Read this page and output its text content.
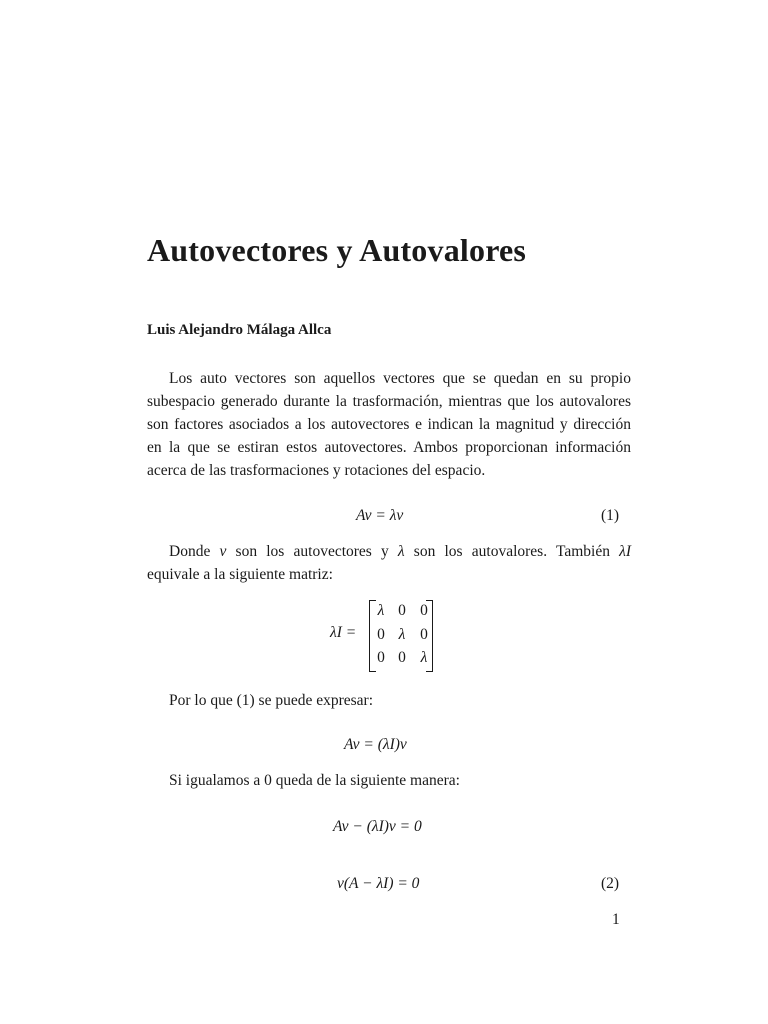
Autovectores y Autovalores
Luis Alejandro Málaga Allca
Los auto vectores son aquellos vectores que se quedan en su propio
subespacio generado durante la trasformación, mientras que los autovalores
son factores asociados a los autovectores e indican la magnitud y dirección
en la que se estiran estos autovectores. Ambos proporcionan información
acerca de las trasformaciones y rotaciones del espacio.
Av = λv	(1)
Donde v son los autovectores y λ son los autovalores. También λI
equivale a la siguiente matriz:
λI =
λ 0 0
0 λ 0
0 0 λ
Por lo que (1) se puede expresar:
Av = (λI)v
Si igualamos a 0 queda de la siguiente manera:
Av − (λI)v = 0
v(A − λI) = 0	(2)
1
